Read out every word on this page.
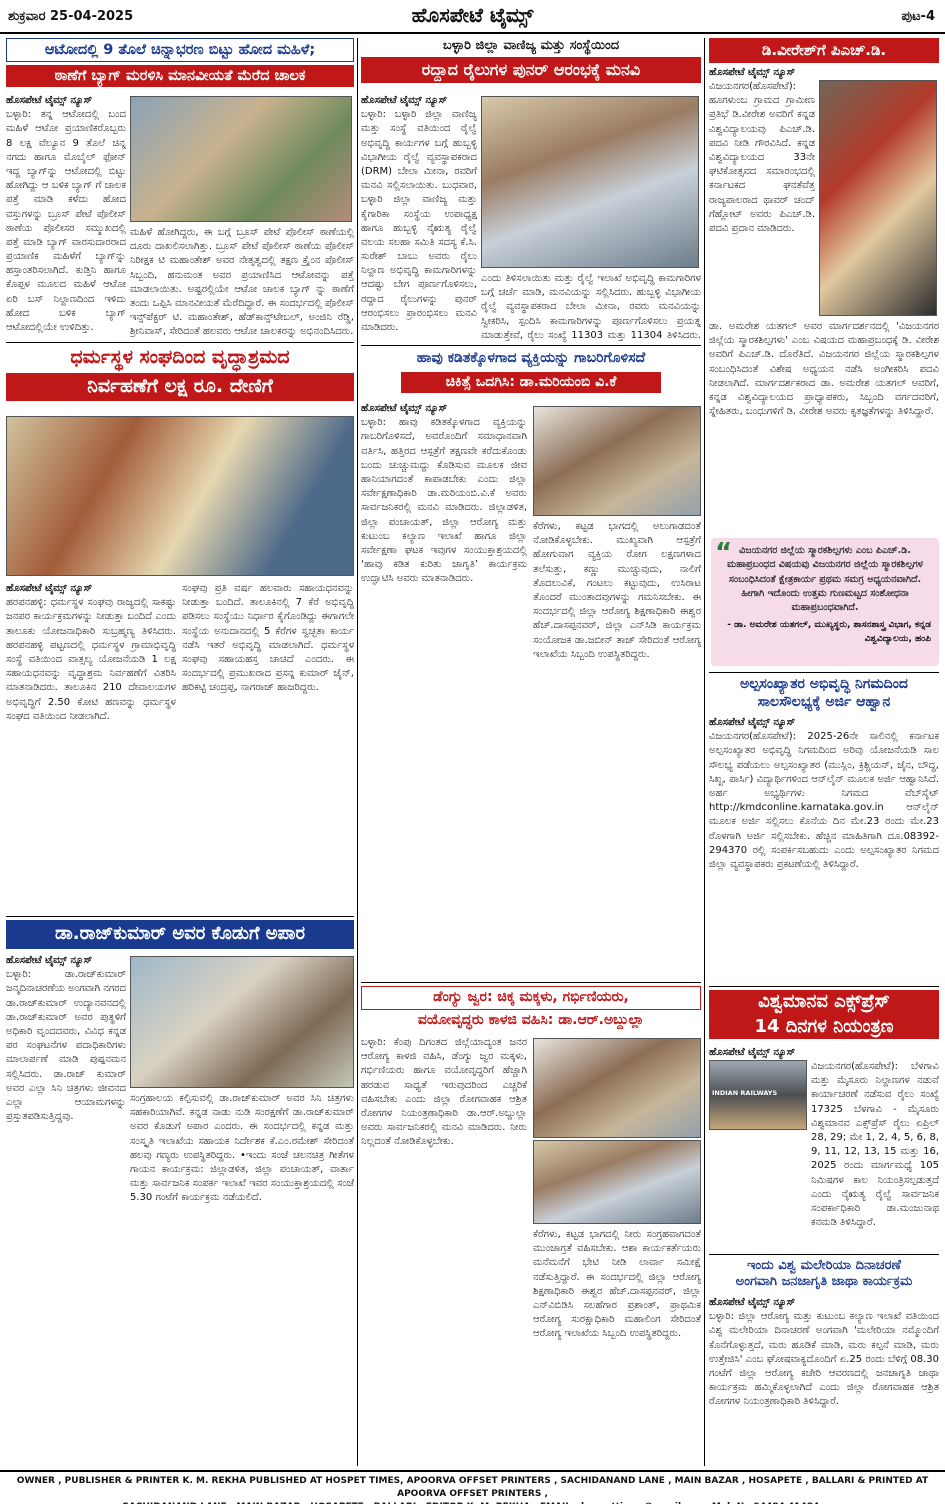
ಹೊಸಪೇಟೆ ಟೈಮ್ಸ್
ಶುಕ್ರವಾರ 25-04-2025	ಪುಟ-4
ಆಟೋದಲ್ಲಿ 9 ತೊಲೆ ಚಿನ್ನಾಭರಣ ಬಿಟ್ಟು ಹೋದ ಮಹಿಳೆ;
ಠಾಣೆಗೆ ಬ್ಯಾಗ್ ಮರಳಿಸಿ ಮಾನವೀಯತೆ ಮೆರೆದ ಚಾಲಕ
ಹೊಸಪೇಟೆ ಟೈಮ್ಸ್ ನ್ಯೂಸ್
ಬಳ್ಳಾರಿ: ತನ್ನ ಆಟೋದಲ್ಲಿ ಬಂದ ಮಹಿಳೆ ಆಟೋ ಪ್ರಯಾಣಿಕರೊಬ್ಬರು 8 ಲಕ್ಷ ವೆಲ್ಯೂನ 9 ತೊಲೆ ಚಿನ್ನ ನಗದು ಹಾಗೂ ಮೊಬೈಲ್ ಫೋನ್ ಇದ್ದ ಬ್ಯಾಗ್‌ನ್ನು ಆಟೋದಲ್ಲಿ ಬಿಟ್ಟು ಹೋಗಿದ್ದು ಆ ಬಳಿಕ ಬ್ಯಾಗ್ ಗೆ ಚಾಲಕ ಪತ್ತೆ ಮಾಡಿ ಕಳೆದು ಹೋದ ವಸ್ತುಗಳನ್ನು ಬ್ರೂಸ್ ಪೇಟೆ ಪೊಲೀಸ್ ಠಾಣೆಯ ಪೊಲೀಸರ ಸಮ್ಮುಖದಲ್ಲಿ ಪತ್ತೆ ಮಾಡಿ ಬ್ಯಾಗ್ ವಾರಸುದಾರರಾದ ಪ್ರಯಾಣಿಕ ಮಹಿಳೆಗೆ ಬ್ಯಾಗ್‌ನ್ನು ಹಸ್ತಾಂತರಿಸಲಾಗಿದೆ. ಕುಡ್ತಿನಿ ಹಾಗೂ ಕೊಪ್ಪಳ ಮೂಲದ ಮಹಿಳೆ ಆಟೋ ಏರಿ ಬಸ್ ನಿಲ್ದಾಣದಿಂದ ಇಳಿದು ಹೋದ ಬಳಿಕ ಬ್ಯಾಗ್ ಆಟೋದಲ್ಲಿಯೇ ಉಳಿದಿತ್ತು.
ಮಹಿಳೆ ಹೋಗಿದ್ದರು, ಈ ಬಗ್ಗೆ ಬ್ರೂಸ್ ಪೇಟೆ ಪೊಲೀಸ್ ಠಾಣೆಯಲ್ಲಿ ದೂರು ದಾಖಲಿಸಲಾಗಿತ್ತು. ಬ್ರೂಸ್ ಪೇಟೆ ಪೊಲೀಸ್ ಠಾಣೆಯ ಪೊಲೀಸ್ ನಿರೀಕ್ಷಕ ಟಿ ಮಹಾಂತೇಶ್ ಅವರ ನೇತೃತ್ವದಲ್ಲಿ ತಕ್ಷಣ ಕ್ರೈಂನ ಪೊಲೀಸ್ ಸಿಬ್ಬಂದಿ, ಹನುಮಂತ ಅವರ ಪ್ರಯಾಣಿಸಿದ ಆಟೋವನ್ನು ಪತ್ತೆ ಮಾಡಲಾಯಿತು. ಅಷ್ಟರಲ್ಲಿಯೇ ಆಟೋ ಚಾಲಕ ಬ್ಯಾಗ್ ನ್ನು ಠಾಣೆಗೆ ತಂದು ಒಪ್ಪಿಸಿ ಮಾನವೀಯತೆ ಮೆರೆದಿದ್ದಾರೆ. ಈ ಸಂದರ್ಭದಲ್ಲಿ ಪೊಲೀಸ್ ಇನ್ಸ್‌ಪೆಕ್ಟರ್ ಟಿ. ಮಹಾಂತೇಶ್, ಹೆಡ್‌ಕಾನ್ಸ್‌ಟೇಬಲ್, ಅಂಜಿನಿ ರೆಡ್ಡಿ, ಶ್ರೀನಿವಾಸ್, ಸೇರಿದಂತೆ ಹಲವರು ಆಟೋ ಚಾಲಕರನ್ನು ಅಭಿನಂದಿಸಿದರು.
ಬಳ್ಳಾರಿ ಜಿಲ್ಲಾ ವಾಣಿಜ್ಯ ಮತ್ತು ಸಂಸ್ಥೆಯಿಂದ
ರದ್ದಾದ ರೈಲುಗಳ ಪುನರ್ ಆರಂಭಕ್ಕೆ ಮನವಿ
ಹೊಸಪೇಟೆ ಟೈಮ್ಸ್ ನ್ಯೂಸ್
ಬಳ್ಳಾರಿ: ಬಳ್ಳಾರಿ ಜಿಲ್ಲಾ ವಾಣಿಜ್ಯ ಮತ್ತು ಸಂಸ್ಥೆ ವತಿಯಿಂದ ರೈಲ್ವೆ ಅಭಿವೃದ್ಧಿ ಕಾರ್ಯಗಳ ಬಗ್ಗೆ ಹುಬ್ಬಳ್ಳಿ ವಿಭಾಗೀಯ ರೈಲ್ವೆ ವ್ಯವಸ್ಥಾಪಕರಾದ (DRM) ಬೇಲಾ ಮೀನಾ, ರವರಿಗೆ ಮನವಿ ಸಲ್ಲಿಸಲಾಯಿತು. ಬುಧವಾರ, ಬಳ್ಳಾರಿ ಜಿಲ್ಲಾ ವಾಣಿಜ್ಯ ಮತ್ತು ಕೈಗಾರಿಕಾ ಸಂಸ್ಥೆಯ ಉಪಾಧ್ಯಕ್ಷ ಹಾಗೂ ಹುಬ್ಬಳ್ಳಿ ನೈಋತ್ಯ ರೈಲ್ವೆ ವಲಯ ಸಲಹಾ ಸಮಿತಿ ಸದಸ್ಯ ಕೆ.ಸಿ. ಸುರೇಶ್ ಬಾಬು ಅವರು ರೈಲು ನಿಲ್ದಾಣ ಅಭಿವೃದ್ಧಿ ಕಾಮಗಾರಿಗಳನ್ನು ಆದಷ್ಟು ಬೇಗ ಪೂರ್ಣಗೊಳಿಸಲು, ರದ್ದಾದ ರೈಲುಗಳನ್ನು ಪುನರ್ ಆರಂಭಿಸಲು ಪ್ರಾರಂಭಿಸಲು ಮನವಿ ಮಾಡಿದರು.
ಎಂದು ತಿಳಿಸಲಾಯಿತು ಮತ್ತು ರೈಲ್ವೆ ಇಲಾಖೆ ಅಭಿವೃದ್ಧಿ ಕಾಮಗಾರಿಗಳ ಬಗ್ಗೆ ಚರ್ಚೆ ಮಾಡಿ, ಮನವಿಯನ್ನು ಸಲ್ಲಿಸಿದರು. ಹುಬ್ಬಳ್ಳಿ ವಿಭಾಗೀಯ ರೈಲ್ವೆ ವ್ಯವಸ್ಥಾಪಕರಾದ ಬೇಲಾ ಮೀನಾ, ರವರು ಮನವಿಯನ್ನು ಸ್ವೀಕರಿಸಿ, ಸ್ಪಂದಿಸಿ ಕಾಮಗಾರಿಗಳನ್ನು ಪೂರ್ಣಗೊಳಿಸಲು ಪ್ರಯತ್ನ ಮಾಡುತ್ತೇವೆ, ರೈಲು ಸಂಖ್ಯೆ 11303 ಮತ್ತು 11304 ತಿಳಿಸಿದರು.
ಡಿ.ವೀರೇಶ್‌ಗೆ ಪಿಎಚ್.ಡಿ.
ಹೊಸಪೇಟೆ ಟೈಮ್ಸ್ ನ್ಯೂಸ್
ವಿಜಯನಗರ(ಹೊಸಪೇಟೆ): ಹೂಗಳುಂಬ ಗ್ರಾಮದ ಗ್ರಾಮೀಣ ಪ್ರತಿಭೆ ಡಿ.ವೀರೇಶ ಅವರಿಗೆ ಕನ್ನಡ ವಿಶ್ವವಿದ್ಯಾಲಯವು ಪಿಎಚ್.ಡಿ. ಪದವಿ ನೀಡಿ ಗೌರವಿಸಿದೆ. ಕನ್ನಡ ವಿಶ್ವವಿದ್ಯಾಲಯದ 33ನೇ ಘಟಿಕೋತ್ಸವದ ಸಮಾರಂಭದಲ್ಲಿ ಕರ್ನಾಟಕದ ಘನತೆವೆತ್ತ ರಾಜ್ಯಪಾಲರಾದ ಥಾವರ್ ಚಂದ್ ಗೆಹ್ಲೋಟ್ ಅವರು ಪಿಎಚ್.ಡಿ. ಪದವಿ ಪ್ರದಾನ ಮಾಡಿದರು.
ಡಾ. ಅಮರೇಶ ಯತಗಲ್ ಅವರ ಮಾರ್ಗದರ್ಶನದಲ್ಲಿ 'ವಿಜಯನಗರ ಜಿಲ್ಲೆಯ ಸ್ಮಾರಕಶಿಲ್ಪಗಳು' ಎಂಬ ವಿಷಯದ ಮಹಾಪ್ರಬಂಧಕ್ಕೆ ಡಿ. ವೀರೇಶ ಅವರಿಗೆ ಪಿಎಚ್.ಡಿ. ದೊರೆತಿದೆ. ವಿಜಯನಗರ ಜಿಲ್ಲೆಯ ಸ್ಮಾರಕಶಿಲ್ಪಗಳ ಸಂಬಂಧಿಸಿದಂತೆ ವಿಶೇಷ ಅಧ್ಯಯನ ನಡೆಸಿ ಅಂಗೀಕರಿಸಿ ಪದವಿ ನೀಡಲಾಗಿದೆ. ಮಾರ್ಗದರ್ಶಕರಾದ ಡಾ. ಅಮರೇಶ ಯತಗಲ್ ಅವರಿಗೆ, ಕನ್ನಡ ವಿಶ್ವವಿದ್ಯಾಲಯದ ಪ್ರಾಧ್ಯಾಪಕರು, ಸಿಬ್ಬಂದಿ ವರ್ಗದವರಿಗೆ, ಸ್ನೇಹಿತರು, ಬಂಧುಗಳಿಗೆ ಡಿ. ವೀರೇಶ ಅವರು ಕೃತಜ್ಞತೆಗಳನ್ನು ತಿಳಿಸಿದ್ದಾರೆ.
“ ವಿಜಯನಗರ ಜಿಲ್ಲೆಯ ಸ್ಮಾರಕಶಿಲ್ಪಗಳು ಎಂಬ ಪಿಎಚ್.ಡಿ. ಮಹಾಪ್ರಬಂಧದ ವಿಷಯವು ವಿಜಯನಗರ ಜಿಲ್ಲೆಯ ಸ್ಮಾರಕಶಿಲ್ಪಗಳ ಸಂಬಂಧಿಸಿದಂತೆ ಕ್ಷೇತ್ರಕಾರ್ಯ ಪ್ರಥಮ ಸಮಗ್ರ ಅಧ್ಯಯನವಾಗಿದೆ. ಹೀಗಾಗಿ ಇದೊಂದು ಉತ್ತಮ ಗುಣಮಟ್ಟದ ಸಂಶೋಧನಾ ಮಹಾಪ್ರಬಂಧವಾಗಿದೆ.
- ಡಾ. ಅಮರೇಶ ಯತಗಲ್, ಮುಖ್ಯಸ್ಥರು, ಶಾಸನಶಾಸ್ತ್ರ ವಿಭಾಗ, ಕನ್ನಡ ವಿಶ್ವವಿದ್ಯಾಲಯ, ಹಂಪಿ
ಅಲ್ಪಸಂಖ್ಯಾತರ ಅಭಿವೃದ್ಧಿ ನಿಗಮದಿಂದ ಸಾಲಸೌಲಭ್ಯಕ್ಕೆ ಅರ್ಜಿ ಆಹ್ವಾನ
ಹೊಸಪೇಟೆ ಟೈಮ್ಸ್ ನ್ಯೂಸ್
ವಿಜಯನಗರ(ಹೊಸಪೇಟೆ): 2025-26ನೇ ಸಾಲಿನಲ್ಲಿ ಕರ್ನಾಟಕ ಅಲ್ಪಸಂಖ್ಯಾತರ ಅಭಿವೃದ್ಧಿ ನಿಗಮದಿಂದ ಅರಿವು ಯೋಜನೆಯಡಿ ಸಾಲ ಸೌಲಭ್ಯ ಪಡೆಯಲು ಅಲ್ಪಸಂಖ್ಯಾತರ (ಮುಸ್ಲಿಂ, ಕ್ರಿಶ್ಚಿಯನ್, ಜೈನ, ಬೌದ್ಧ, ಸಿಖ್ಖ, ಪಾರ್ಸಿ) ವಿದ್ಯಾರ್ಥಿಗಳಿಂದ ಆನ್‌ಲೈನ್ ಮೂಲಕ ಅರ್ಜಿ ಆಹ್ವಾನಿಸಿದೆ. ಅರ್ಹ ಅಭ್ಯರ್ಥಿಗಳು ನಿಗಮದ ವೆಬ್‌ಸೈಟ್ http://kmdconline.karnataka.gov.in ಆನ್‌ಲೈನ್ ಮೂಲಕ ಅರ್ಜಿ ಸಲ್ಲಿಸಲು ಕೊನೆಯ ದಿನ ಮೇ.23 ರಂದು ಮೇ.23 ರೊಳಗಾಗಿ ಅರ್ಜಿ ಸಲ್ಲಿಸಬೇಕು. ಹೆಚ್ಚಿನ ಮಾಹಿತಿಗಾಗಿ ದೂ.08392-294370 ರಲ್ಲಿ ಸಂಪರ್ಕಿಸಬಹುದು ಎಂದು ಅಲ್ಪಸಂಖ್ಯಾತರ ನಿಗಮದ ಜಿಲ್ಲಾ ವ್ಯವಸ್ಥಾಪಕರು ಪ್ರಕಟಣೆಯಲ್ಲಿ ತಿಳಿಸಿದ್ದಾರೆ.
ಧರ್ಮಸ್ಥಳ ಸಂಘದಿಂದ ವೃದ್ಧಾಶ್ರಮದ
ನಿರ್ವಹಣೆಗೆ ಲಕ್ಷ ರೂ. ದೇಣಿಗೆ
ಹೊಸಪೇಟೆ ಟೈಮ್ಸ್ ನ್ಯೂಸ್
ಹರಪನಹಳ್ಳಿ: ಧರ್ಮಸ್ಥಳ ಸಂಘವು ರಾಜ್ಯದಲ್ಲಿ ಸಾಕಷ್ಟು ಜನಪರ ಕಾರ್ಯಕ್ರಮಗಳನ್ನು ನೀಡುತ್ತಾ ಬಂದಿದೆ ಎಂದು ತಾಲೂಕು ಯೋಜನಾಧಿಕಾರಿ ಸುಬ್ರಹ್ಮಣ್ಯ ತಿಳಿಸಿದರು. ಹರಪನಹಳ್ಳಿ ಪಟ್ಟಣದಲ್ಲಿ ಧರ್ಮಸ್ಥಳ ಗ್ರಾಮಾಭಿವೃದ್ಧಿ ಸಂಸ್ಥೆ ವತಿಯಿಂದ ವಾತ್ಸಲ್ಯ ಯೋಜನೆಯಡಿ 1 ಲಕ್ಷ ಸಹಾಯಧನವನ್ನು ವೃದ್ಧಾಶ್ರಮ ನಿರ್ವಹಣೆಗೆ ವಿತರಿಸಿ ಮಾತನಾಡಿದರು. ತಾಲೂಕಿನ 210 ದೇವಾಲಯಗಳ ಅಭಿವೃದ್ಧಿಗೆ 2.50 ಕೋಟಿ ಹಣವನ್ನು ಧರ್ಮಸ್ಥಳ ಸಂಘದ ವತಿಯಿಂದ ನೀಡಲಾಗಿದೆ.
ಸಂಘವು ಪ್ರತಿ ವರ್ಷ ಹಲವಾರು ಸಹಾಯಧನವನ್ನು ನೀಡುತ್ತಾ ಬಂದಿದೆ. ತಾಲೂಕಿನಲ್ಲಿ 7 ಕೆರೆ ಅಭಿವೃದ್ಧಿ ಪಡಿಸಲು ಸಂಸ್ಥೆಯು ನಿರ್ಧಾರ ಕೈಗೊಂಡಿದ್ದು ಈಗಾಗಲೇ ಸಂಸ್ಥೆಯ ಅನುದಾನದಲ್ಲಿ 5 ಕೆರೆಗಳ ಸ್ವಚ್ಛತಾ ಕಾರ್ಯ ನಡೆಸಿ ಇತರೆ ಅಭಿವೃದ್ಧಿ ಮಾಡಲಾಗಿದೆ. ಧರ್ಮಸ್ಥಳ ಸಂಘವು ಸಹಾಯಹಸ್ತ ಚಾಚಿದೆ ಎಂದರು. ಈ ಸಂದರ್ಭದಲ್ಲಿ ಪ್ರಮುಖರಾದ ಪ್ರಸನ್ನ ಕುಮಾರ್ ಜೈನ್, ಹರಿಕಟ್ಟಿ ಚಂದ್ರಪ್ಪ, ನಾಗರಾಜ್ ಹಾಜರಿದ್ದರು.
ಹಾವು ಕಡಿತಕ್ಕೊಳಗಾದ ವ್ಯಕ್ತಿಯನ್ನು ಗಾಬರಿಗೊಳಿಸದೆ
ಚಿಕಿತ್ಸೆ ಒದಗಿಸಿ: ಡಾ.ಮರಿಯಂಬಿ ವಿ.ಕೆ
ಹೊಸಪೇಟೆ ಟೈಮ್ಸ್ ನ್ಯೂಸ್
ಬಳ್ಳಾರಿ: ಹಾವು ಕಡಿತಕ್ಕೊಳಗಾದ ವ್ಯಕ್ತಿಯನ್ನು ಗಾಬರಿಗೊಳಿಸದೆ, ಅವರೊಂದಿಗೆ ಸಮಾಧಾನವಾಗಿ ವರ್ತಿಸಿ, ಹತ್ತಿರದ ಆಸ್ಪತ್ರೆಗೆ ತಕ್ಷಣವೇ ಕರೆದುಕೊಂಡು ಬಂದು ಚುಚ್ಚುಮದ್ದು ಕೊಡಿಸುವ ಮೂಲಕ ಜೀವ ಹಾನಿಯಾಗದಂತೆ ಕಾಪಾಡಬೇಕು ಎಂದು ಜಿಲ್ಲಾ ಸರ್ವೇಕ್ಷಣಾಧಿಕಾರಿ ಡಾ.ಮರಿಯಂಬಿ.ವಿ.ಕೆ ಅವರು ಸಾರ್ವಜನಿಕರಲ್ಲಿ ಮನವಿ ಮಾಡಿದರು. ಜಿಲ್ಲಾಡಳಿತ, ಜಿಲ್ಲಾ ಪಂಚಾಯತ್, ಜಿಲ್ಲಾ ಆರೋಗ್ಯ ಮತ್ತು ಕುಟುಂಬ ಕಲ್ಯಾಣ ಇಲಾಖೆ ಹಾಗೂ ಜಿಲ್ಲಾ ಸರ್ವೇಕ್ಷಣಾ ಘಟಕ ಇವುಗಳ ಸಂಯುಕ್ತಾಶ್ರಯದಲ್ಲಿ ‘ಹಾವು ಕಡಿತ ಕುರಿತು ಜಾಗೃತಿ’ ಕಾರ್ಯಕ್ರಮ ಉದ್ಘಾಟಿಸಿ ಅವರು ಮಾತನಾಡಿದರು.
ಕೆರೆಗಳು, ಕಟ್ಟಡ ಭಾಗದಲ್ಲಿ ಅಲುಗಾಡದಂತೆ ನೋಡಿಕೊಳ್ಳಬೇಕು. ಮುಖ್ಯವಾಗಿ ಆಸ್ಪತ್ರೆಗೆ ಹೋಗುವಾಗ ವ್ಯಕ್ತಿಯ ರೋಗ ಲಕ್ಷಣಗಳಾದ ತಲೆಸುತ್ತು, ಕಣ್ಣು ಮುಚ್ಚುವುದು, ನಾಲಿಗೆ ತೊದಲುವಿಕೆ, ಗಂಟಲು ಕಟ್ಟುವುದು, ಉಸಿರಾಟ ತೊಂದರೆ ಮುಂತಾದವುಗಳನ್ನು ಗಮನಿಸಬೇಕು. ಈ ಸಂದರ್ಭದಲ್ಲಿ ಜಿಲ್ಲಾ ಆರೋಗ್ಯ ಶಿಕ್ಷಣಾಧಿಕಾರಿ ಈಶ್ವರ ಹೆಚ್.ದಾಸಪ್ಪನವರ್, ಜಿಲ್ಲಾ ಎನ್‌ಸಿಡಿ ಕಾರ್ಯಕ್ರಮ ಸಂಯೋಜಕ ಡಾ.ಜಬೀನ್ ತಾಜ್ ಸೇರಿದಂತೆ ಆರೋಗ್ಯ ಇಲಾಖೆಯ ಸಿಬ್ಬಂದಿ ಉಪಸ್ಥಿತರಿದ್ದರು.
ಡಾ.ರಾಜ್‌ಕುಮಾರ್ ಅವರ ಕೊಡುಗೆ ಅಪಾರ
ಹೊಸಪೇಟೆ ಟೈಮ್ಸ್ ನ್ಯೂಸ್
ಬಳ್ಳಾರಿ: ಡಾ.ರಾಜ್‌ಕುಮಾರ್ ಜನ್ಮದಿನಾಚರಣೆಯ ಅಂಗವಾಗಿ ನಗರದ ಡಾ.ರಾಜ್‌ಕುಮಾರ್ ಉದ್ಯಾನವನದಲ್ಲಿ ಡಾ.ರಾಜ್‌ಕುಮಾರ್ ಅವರ ಪುತ್ಥಳಿಗೆ ಅಧಿಕಾರಿ ವೃಂದದವರು, ವಿವಿಧ ಕನ್ನಡ ಪರ ಸಂಘಟನೆಗಳ ಪದಾಧಿಕಾರಿಗಳು ಮಾಲಾರ್ಪಣೆ ಮಾಡಿ ಪುಷ್ಪನಮನ ಸಲ್ಲಿಸಿದರು. ಡಾ.ರಾಜ್ ಕುಮಾರ್ ಅವರ ಎಲ್ಲಾ ಸಿನಿ ಚಿತ್ರಗಳು ಜೀವನದ ಎಲ್ಲಾ ಆಯಾಮಗಳನ್ನು ಪ್ರಸ್ತುತಪಡಿಸುತ್ತಿದ್ದವು.
ಸಂಗ್ರಹಾಲಯ ಕಲ್ಪಿಸುವಲ್ಲಿ ಡಾ.ರಾಜ್‌ಕುಮಾರ್ ಅವರ ಸಿನಿ ಚಿತ್ರಗಳು ಸಹಕಾರಿಯಾಗಿವೆ. ಕನ್ನಡ ನಾಡು ನುಡಿ ಸಂರಕ್ಷಣೆಗೆ ಡಾ.ರಾಜ್‌ಕುಮಾರ್ ಅವರ ಕೊಡುಗೆ ಅಪಾರ ಎಂದರು. ಈ ಸಂದರ್ಭದಲ್ಲಿ ಕನ್ನಡ ಮತ್ತು ಸಂಸ್ಕೃತಿ ಇಲಾಖೆಯ ಸಹಾಯಕ ನಿರ್ದೇಶಕ ಕೆ.ಎಂ.ರಮೇಶ್ ಸೇರಿದಂತೆ ಹಲವು ಗಣ್ಯರು ಉಪಸ್ಥಿತರಿದ್ದರು. •ಇಂದು ಸಂಜೆ ಚಲನಚಿತ್ರ ಗೀತೆಗಳ ಗಾಯನ ಕಾರ್ಯಕ್ರಮ: ಜಿಲ್ಲಾಡಳಿತ, ಜಿಲ್ಲಾ ಪಂಚಾಯತ್, ವಾರ್ತಾ ಮತ್ತು ಸಾರ್ವಜನಿಕ ಸಂಪರ್ಕ ಇಲಾಖೆ ಇವರ ಸಂಯುಕ್ತಾಶ್ರಯದಲ್ಲಿ ಸಂಜೆ 5.30 ಗಂಟೆಗೆ ಕಾರ್ಯಕ್ರಮ ನಡೆಯಲಿದೆ.
ಡೆಂಗ್ಯು ಜ್ವರ: ಚಿಕ್ಕ ಮಕ್ಕಳು, ಗರ್ಭಿಣಿಯರು,
ವಯೋವೃದ್ಧರು ಕಾಳಜಿ ವಹಿಸಿ: ಡಾ.ಆರ್.ಅಬ್ದುಲ್ಲಾ
ಬಳ್ಳಾರಿ: ಕೆಂಪು ದಿಗಂತದ ಜಿಲ್ಲೆಯಾದ್ಯಂತ ಜನರ ಆರೋಗ್ಯ ಕಾಳಜಿ ವಹಿಸಿ, ಡೆಂಗ್ಯು ಜ್ವರ ಮಕ್ಕಳು, ಗರ್ಭಿಣಿಯರು ಹಾಗೂ ವಯೋವೃದ್ಧರಿಗೆ ಹೆಚ್ಚಾಗಿ ಹರಡುವ ಸಾಧ್ಯತೆ ಇರುವುದರಿಂದ ಎಚ್ಚರಿಕೆ ವಹಿಸಬೇಕು ಎಂದು ಜಿಲ್ಲಾ ರೋಗವಾಹಕ ಆಶ್ರಿತ ರೋಗಗಳ ನಿಯಂತ್ರಣಾಧಿಕಾರಿ ಡಾ.ಆರ್.ಅಬ್ದುಲ್ಲಾ ಅವರು ಸಾರ್ವಜನಿಕರಲ್ಲಿ ಮನವಿ ಮಾಡಿದರು. ನೀರು ನಿಲ್ಲದಂತೆ ನೋಡಿಕೊಳ್ಳಬೇಕು.
ಕೆರೆಗಳು, ಕಟ್ಟಡ ಭಾಗದಲ್ಲಿ ನೀರು ಸಂಗ್ರಹವಾಗದಂತೆ ಮುಂಜಾಗ್ರತೆ ವಹಿಸಬೇಕು. ಆಶಾ ಕಾರ್ಯಕರ್ತೆಯರು ಮನೆಮನೆಗೆ ಭೇಟಿ ನೀಡಿ ಲಾರ್ವಾ ಸಮೀಕ್ಷೆ ನಡೆಸುತ್ತಿದ್ದಾರೆ. ಈ ಸಂದರ್ಭದಲ್ಲಿ ಜಿಲ್ಲಾ ಆರೋಗ್ಯ ಶಿಕ್ಷಣಾಧಿಕಾರಿ ಈಶ್ವರ ಹೆಚ್.ದಾಸಪ್ಪನವರ್, ಜಿಲ್ಲಾ ಎನ್‌ವಿಬಿಡಿಸಿ ಸಲಹೆಗಾರ ಪ್ರಶಾಂತ್, ಪ್ರಾಥಮಿಕ ಆರೋಗ್ಯ ಸುರಕ್ಷಾಧಿಕಾರಿ ಮಹಾಲಿಂಗ ಸೇರಿದಂತೆ ಆರೋಗ್ಯ ಇಲಾಖೆಯ ಸಿಬ್ಬಂದಿ ಉಪಸ್ಥಿತರಿದ್ದರು.
ವಿಶ್ವಮಾನವ ಎಕ್ಸ್‌ಪ್ರೆಸ್
14 ದಿನಗಳ ನಿಯಂತ್ರಣ
ಹೊಸಪೇಟೆ ಟೈಮ್ಸ್ ನ್ಯೂಸ್
INDIAN RAILWAYS
ವಿಜಯನಗರ(ಹೊಸಪೇಟೆ): ಬೆಳಗಾವಿ ಮತ್ತು ಮೈಸೂರು ನಿಲ್ದಾಣಗಳ ನಡುವೆ ಕಾರ್ಯಾಚರಣೆ ನಡೆಸುವ ರೈಲು ಸಂಖ್ಯೆ 17325 ಬೆಳಗಾವಿ - ಮೈಸೂರು ವಿಶ್ವಮಾನವ ಎಕ್ಸ್‌ಪ್ರೆಸ್ ರೈಲು ಏಪ್ರಿಲ್ 28, 29; ಮೇ 1, 2, 4, 5, 6, 8, 9, 11, 12, 13, 15 ಮತ್ತು 16, 2025 ರಂದು ಮಾರ್ಗಮಧ್ಯೆ 105 ನಿಮಿಷಗಳ ಕಾಲ ನಿಯಂತ್ರಿಸಲ್ಪಡುತ್ತದೆ ಎಂದು ನೈಋತ್ಯ ರೈಲ್ವೆ ಸಾರ್ವಜನಿಕ ಸಂಪರ್ಕಾಧಿಕಾರಿ ಡಾ.ಮಂಜುನಾಥ ಕನಮಡಿ ತಿಳಿಸಿದ್ದಾರೆ.
ಇಂದು ವಿಶ್ವ ಮಲೇರಿಯಾ ದಿನಾಚರಣೆ
ಅಂಗವಾಗಿ ಜನಜಾಗೃತಿ ಜಾಥಾ ಕಾರ್ಯಕ್ರಮ
ಹೊಸಪೇಟೆ ಟೈಮ್ಸ್ ನ್ಯೂಸ್
ಬಳ್ಳಾರಿ: ಜಿಲ್ಲಾ ಆರೋಗ್ಯ ಮತ್ತು ಕುಟುಂಬ ಕಲ್ಯಾಣ ಇಲಾಖೆ ವತಿಯಿಂದ ವಿಶ್ವ ಮಲೇರಿಯಾ ದಿನಾಚರಣೆ ಅಂಗವಾಗಿ 'ಮಲೇರಿಯಾ ನಮ್ಮೊಂದಿಗೆ ಕೊನೆಗೊಳ್ಳುತ್ತದೆ, ಮರು ಹೂಡಿಕೆ ಮಾಡಿ, ಮರು ಕಲ್ಪನೆ ಮಾಡಿ, ಮರು ಉತ್ತೇಜಿಸಿ' ಎಂಬ ಘೋಷವಾಕ್ಯದೊಂದಿಗೆ ಏ.25 ರಂದು ಬೆಳಿಗ್ಗೆ 08.30 ಗಂಟೆಗೆ ಜಿಲ್ಲಾ ಆರೋಗ್ಯ ಕಚೇರಿ ಆವರಣದಲ್ಲಿ ಜನಜಾಗೃತಿ ಜಾಥಾ ಕಾರ್ಯಕ್ರಮ ಹಮ್ಮಿಕೊಳ್ಳಲಾಗಿದೆ ಎಂದು ಜಿಲ್ಲಾ ರೋಗವಾಹಕ ಆಶ್ರಿತ ರೋಗಗಳ ನಿಯಂತ್ರಣಾಧಿಕಾರಿ ತಿಳಿಸಿದ್ದಾರೆ.
OWNER , PUBLISHER & PRINTER K. M. REKHA PUBLISHED AT HOSPET TIMES, APOORVA OFFSET PRINTERS , SACHIDANAND LANE , MAIN BAZAR , HOSAPETE , BALLARI & PRINTED AT APOORVA OFFSET PRINTERS ,
